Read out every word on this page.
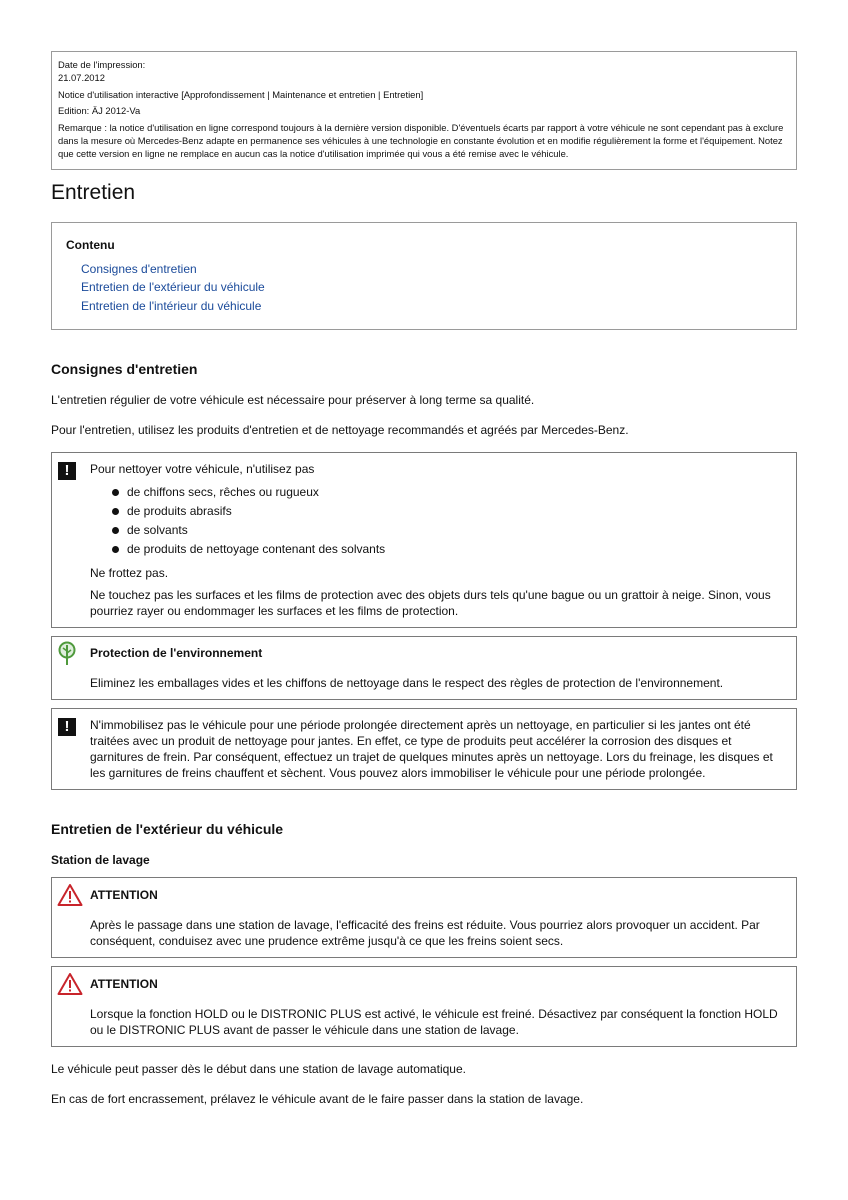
Date de l'impression:
21.07.2012
Notice d'utilisation interactive [Approfondissement | Maintenance et entretien | Entretien]
Edition: ÄJ 2012-Va
Remarque : la notice d'utilisation en ligne correspond toujours à la dernière version disponible. D'éventuels écarts par rapport à votre véhicule ne sont cependant pas à exclure dans la mesure où Mercedes-Benz adapte en permanence ses véhicules à une technologie en constante évolution et en modifie régulièrement la forme et l'équipement. Notez que cette version en ligne ne remplace en aucun cas la notice d'utilisation imprimée qui vous a été remise avec le véhicule.
Entretien
Contenu
Consignes d'entretien
Entretien de l'extérieur du véhicule
Entretien de l'intérieur du véhicule
Consignes d'entretien

L'entretien régulier de votre véhicule est nécessaire pour préserver à long terme sa qualité.

Pour l'entretien, utilisez les produits d'entretien et de nettoyage recommandés et agréés par Mercedes-Benz.

!	Pour nettoyer votre véhicule, n'utilisez pas

de chiffons secs, rêches ou rugueux
de produits abrasifs
de solvants
de produits de nettoyage contenant des solvants

Ne frottez pas.

Ne touchez pas les surfaces et les films de protection avec des objets durs tels qu'une bague ou un grattoir à neige. Sinon, vous pourriez rayer ou endommager les surfaces et les films de protection.

Protection de l'environnement

Eliminez les emballages vides et les chiffons de nettoyage dans le respect des règles de protection de l'environnement.

!	N'immobilisez pas le véhicule pour une période prolongée directement après un nettoyage, en particulier si les jantes ont été traitées avec un produit de nettoyage pour jantes. En effet, ce type de produits peut accélérer la corrosion des disques et garnitures de frein. Par conséquent, effectuez un trajet de quelques minutes après un nettoyage. Lors du freinage, les disques et les garnitures de freins chauffent et sèchent. Vous pouvez alors immobiliser le véhicule pour une période prolongée.

Entretien de l'extérieur du véhicule
Station de lavage

ATTENTION

Après le passage dans une station de lavage, l'efficacité des freins est réduite. Vous pourriez alors provoquer un accident. Par conséquent, conduisez avec une prudence extrême jusqu'à ce que les freins soient secs.

ATTENTION

Lorsque la fonction HOLD ou le DISTRONIC PLUS est activé, le véhicule est freiné. Désactivez par conséquent la fonction HOLD ou le DISTRONIC PLUS avant de passer le véhicule dans une station de lavage.

Le véhicule peut passer dès le début dans une station de lavage automatique.

En cas de fort encrassement, prélavez le véhicule avant de le faire passer dans la station de lavage.
